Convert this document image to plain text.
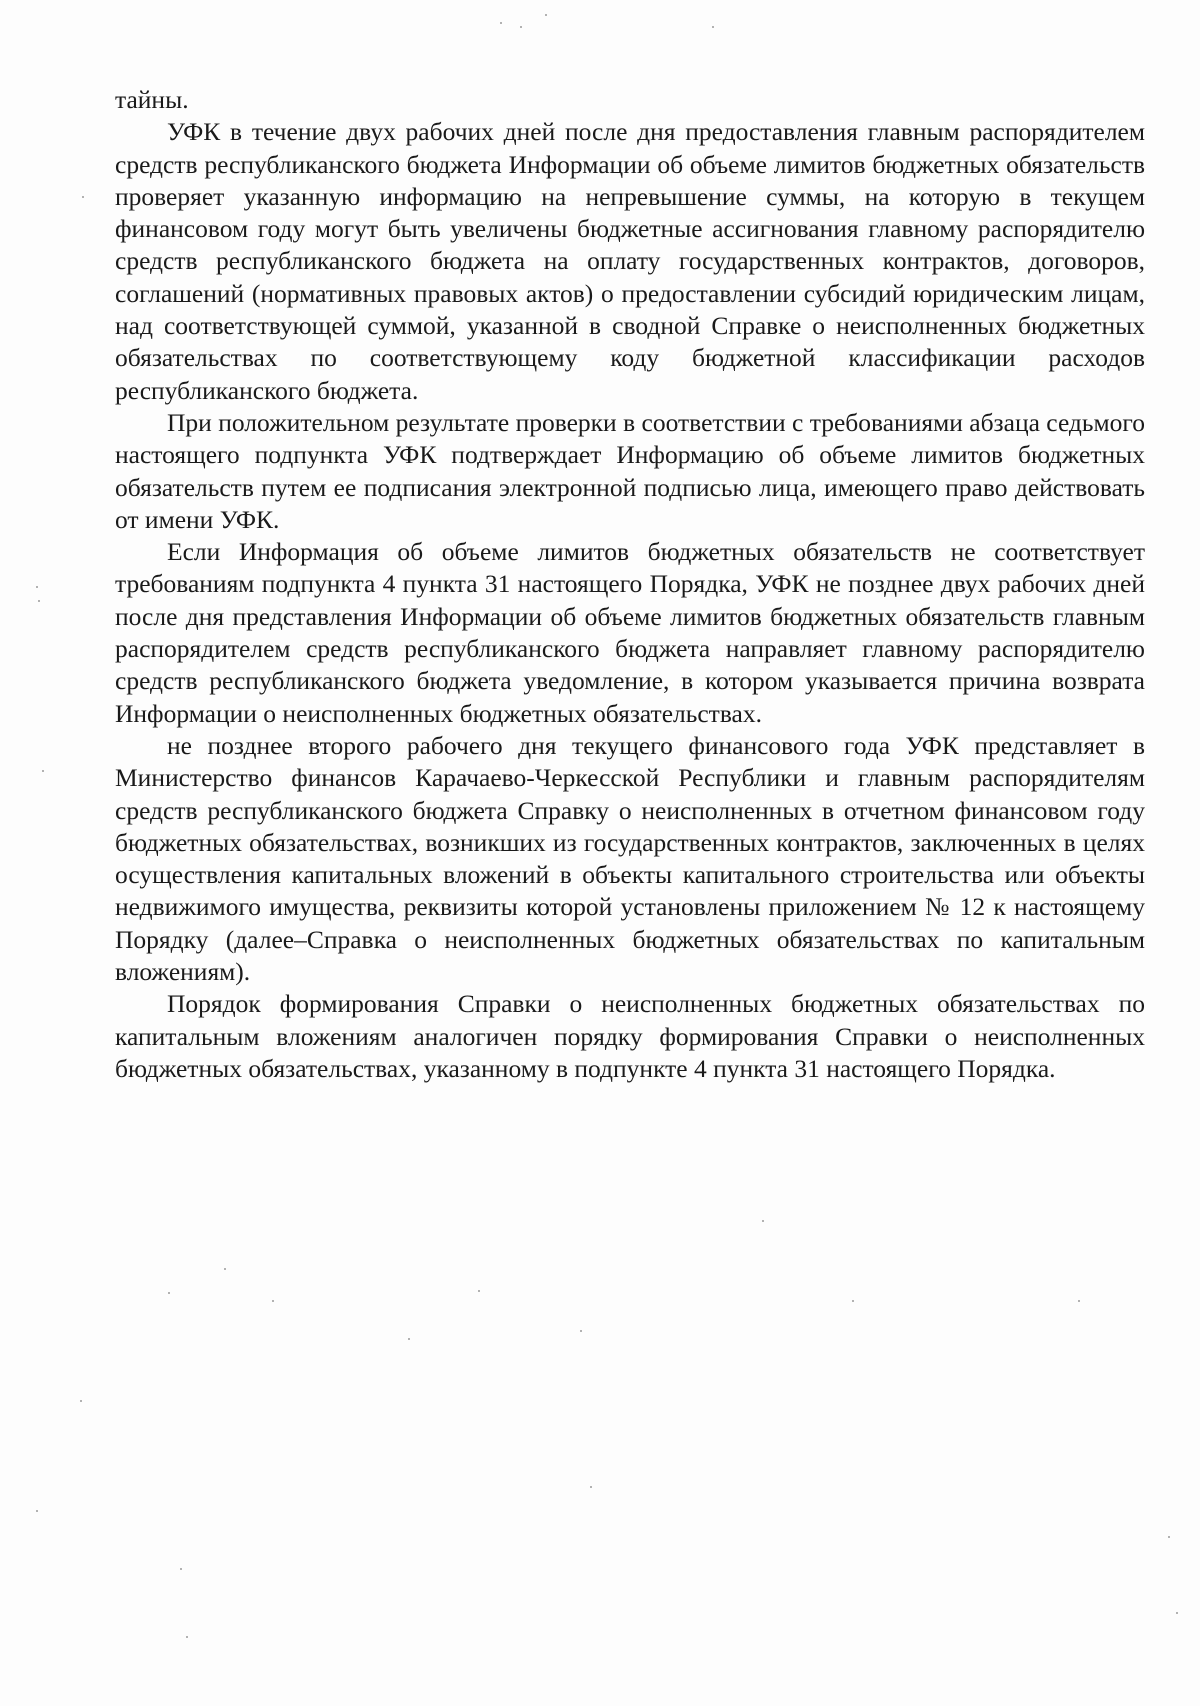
тайны.

УФК в течение двух рабочих дней после дня предоставления главным распорядителем средств республиканского бюджета Информации об объеме лимитов бюджетных обязательств проверяет указанную информацию на непревышение суммы, на которую в текущем финансовом году могут быть увеличены бюджетные ассигнования главному распорядителю средств республиканского бюджета на оплату государственных контрактов, договоров, соглашений (нормативных правовых актов) о предоставлении субсидий юридическим лицам, над соответствующей суммой, указанной в сводной Справке о неисполненных бюджетных обязательствах по соответствующему коду бюджетной классификации расходов республиканского бюджета.

При положительном результате проверки в соответствии с требованиями абзаца седьмого настоящего подпункта УФК подтверждает Информацию об объеме лимитов бюджетных обязательств путем ее подписания электронной подписью лица, имеющего право действовать от имени УФК.

Если Информация об объеме лимитов бюджетных обязательств не соответствует требованиям подпункта 4 пункта 31 настоящего Порядка, УФК не позднее двух рабочих дней после дня представления Информации об объеме лимитов бюджетных обязательств главным распорядителем средств республиканского бюджета направляет главному распорядителю средств республиканского бюджета уведомление, в котором указывается причина возврата Информации о неисполненных бюджетных обязательствах.

не позднее второго рабочего дня текущего финансового года УФК представляет в Министерство финансов Карачаево-Черкесской Республики и главным распорядителям средств республиканского бюджета Справку о неисполненных в отчетном финансовом году бюджетных обязательствах, возникших из государственных контрактов, заключенных в целях осуществления капитальных вложений в объекты капитального строительства или объекты недвижимого имущества, реквизиты которой установлены приложением № 12 к настоящему Порядку (далее–Справка о неисполненных бюджетных обязательствах по капитальным вложениям).

Порядок формирования Справки о неисполненных бюджетных обязательствах по капитальным вложениям аналогичен порядку формирования Справки о неисполненных бюджетных обязательствах, указанному в подпункте 4 пункта 31 настоящего Порядка.
